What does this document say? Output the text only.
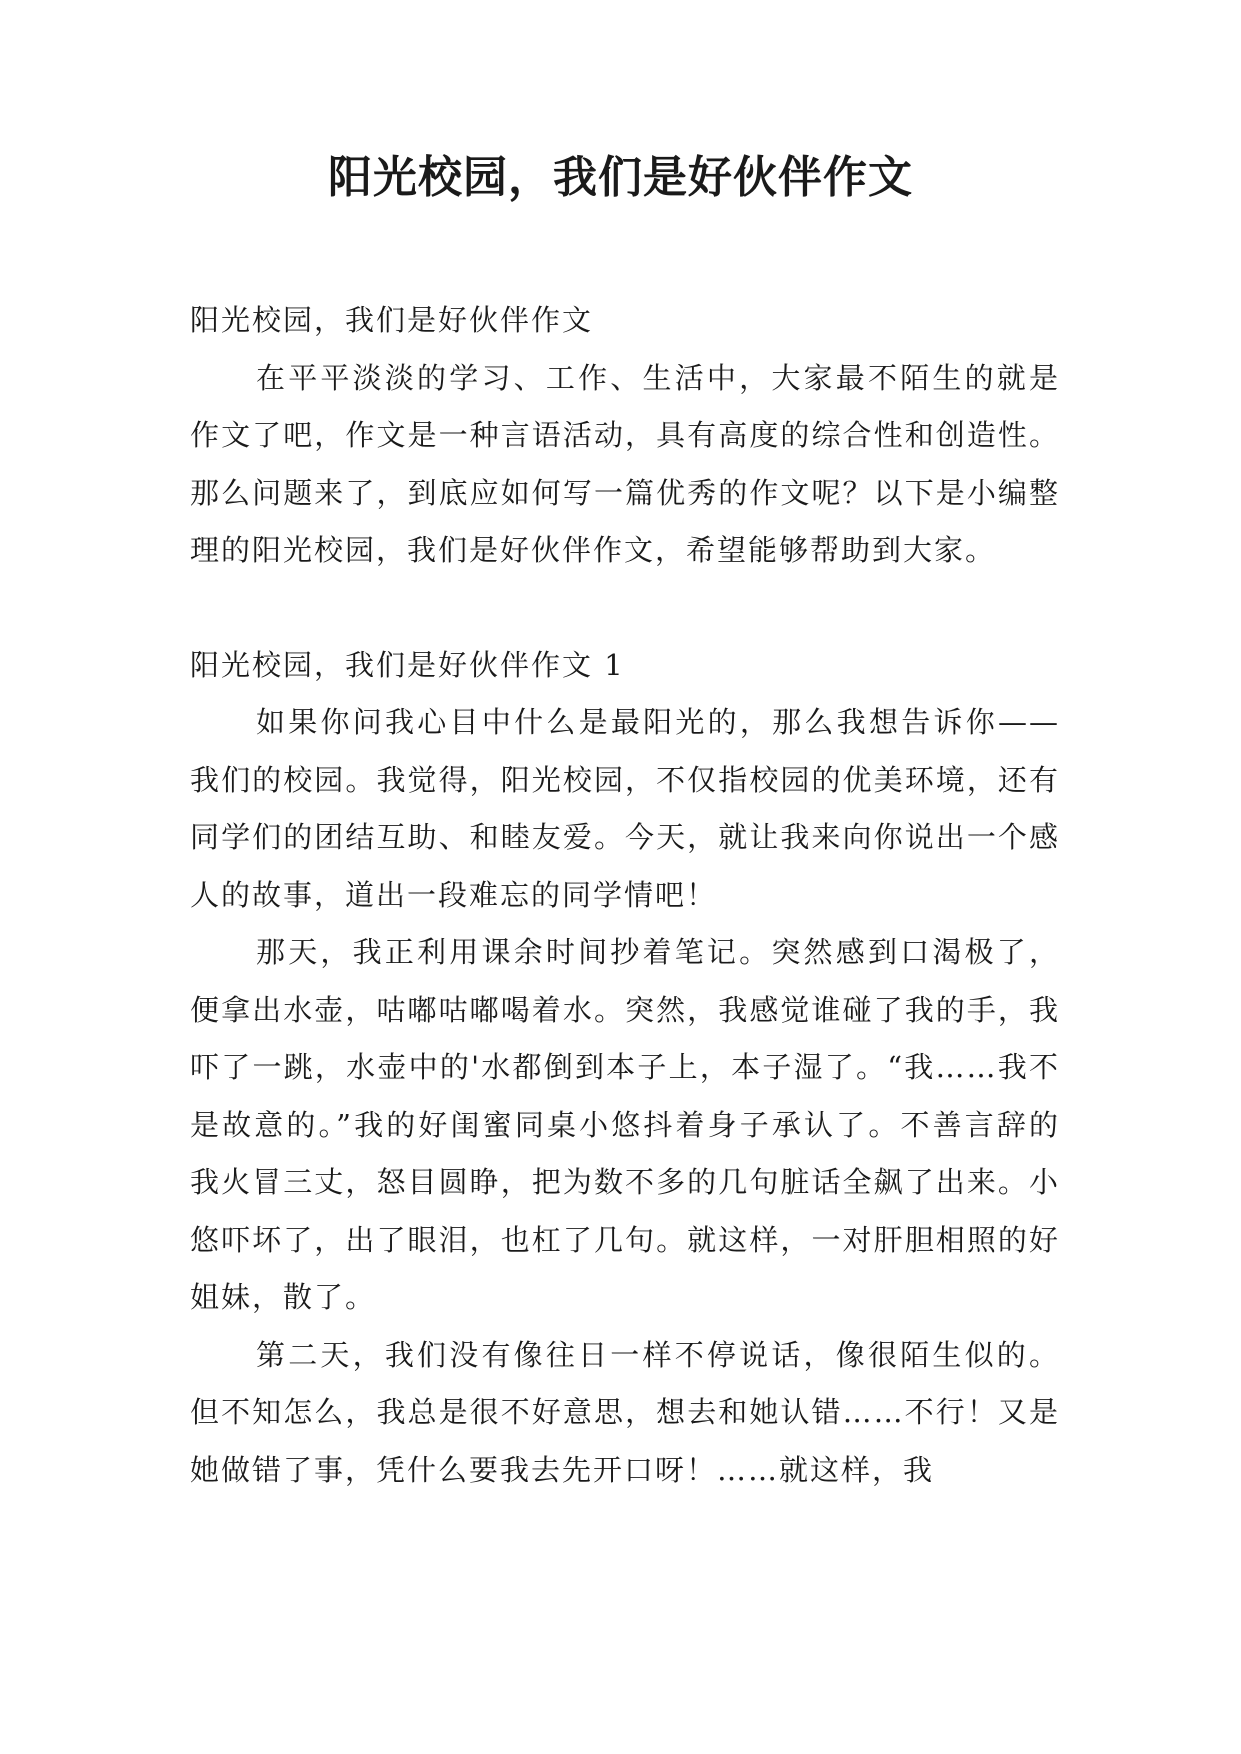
阳光校园，我们是好伙伴作文

阳光校园，我们是好伙伴作文

在平平淡淡的学习、工作、生活中，大家最不陌生的就是作文了吧，作文是一种言语活动，具有高度的综合性和创造性。那么问题来了，到底应如何写一篇优秀的作文呢？以下是小编整理的阳光校园，我们是好伙伴作文，希望能够帮助到大家。

阳光校园，我们是好伙伴作文 1

如果你问我心目中什么是最阳光的，那么我想告诉你——我们的校园。我觉得，阳光校园，不仅指校园的优美环境，还有同学们的团结互助、和睦友爱。今天，就让我来向你说出一个感人的故事，道出一段难忘的同学情吧！

那天，我正利用课余时间抄着笔记。突然感到口渴极了，便拿出水壶，咕嘟咕嘟喝着水。突然，我感觉谁碰了我的手，我吓了一跳，水壶中的'水都倒到本子上，本子湿了。“我……我不是故意的。”我的好闺蜜同桌小悠抖着身子承认了。不善言辞的我火冒三丈，怒目圆睁，把为数不多的几句脏话全飙了出来。小悠吓坏了，出了眼泪，也杠了几句。就这样，一对肝胆相照的好姐妹，散了。

第二天，我们没有像往日一样不停说话，像很陌生似的。但不知怎么，我总是很不好意思，想去和她认错……不行！又是她做错了事，凭什么要我去先开口呀！……就这样，我
